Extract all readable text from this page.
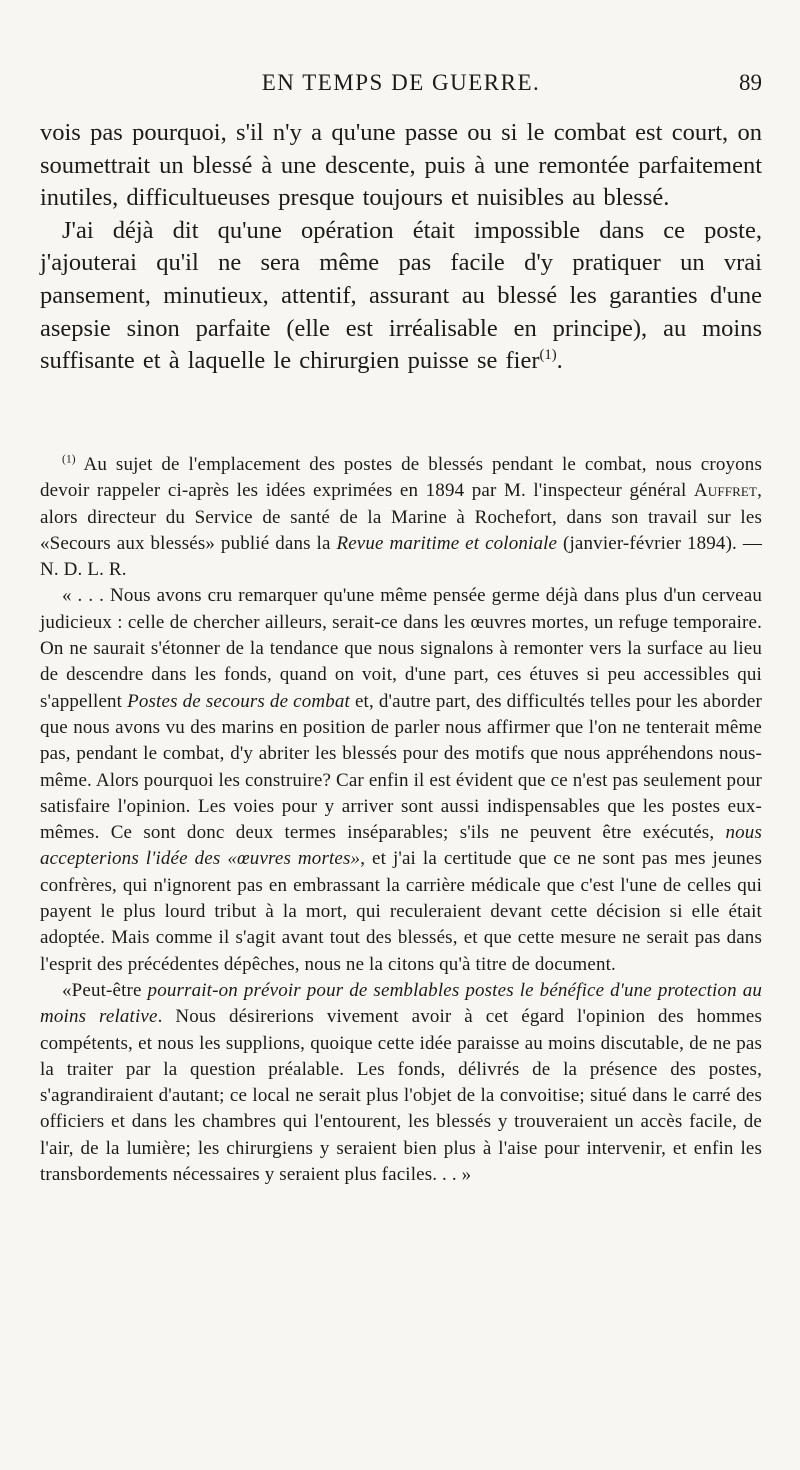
EN TEMPS DE GUERRE.	89

vois pas pourquoi, s'il n'y a qu'une passe ou si le combat est court, on soumettrait un blessé à une descente, puis à une remontée parfaitement inutiles, difficultueuses presque toujours et nuisibles au blessé.

J'ai déjà dit qu'une opération était impossible dans ce poste, j'ajouterai qu'il ne sera même pas facile d'y pratiquer un vrai pansement, minutieux, attentif, assurant au blessé les garanties d'une asepsie sinon parfaite (elle est irréalisable en principe), au moins suffisante et à laquelle le chirurgien puisse se fier$^{(1)}$.

$^{(1)}$ Au sujet de l'emplacement des postes de blessés pendant le combat, nous croyons devoir rappeler ci-après les idées exprimées en 1894 par M. l'inspecteur général Auffret, alors directeur du Service de santé de la Marine à Rochefort, dans son travail sur les «Secours aux blessés» publié dans la Revue maritime et coloniale (janvier-février 1894). — N. D. L. R.

« . . . Nous avons cru remarquer qu'une même pensée germe déjà dans plus d'un cerveau judicieux : celle de chercher ailleurs, serait-ce dans les œuvres mortes, un refuge temporaire. On ne saurait s'étonner de la tendance que nous signalons à remonter vers la surface au lieu de descendre dans les fonds, quand on voit, d'une part, ces étuves si peu accessibles qui s'appellent Postes de secours de combat et, d'autre part, des difficultés telles pour les aborder que nous avons vu des marins en position de parler nous affirmer que l'on ne tenterait même pas, pendant le combat, d'y abriter les blessés pour des motifs que nous appréhendons nous-même. Alors pourquoi les construire? Car enfin il est évident que ce n'est pas seulement pour satisfaire l'opinion. Les voies pour y arriver sont aussi indispensables que les postes eux-mêmes. Ce sont donc deux termes inséparables; s'ils ne peuvent être exécutés, nous accepterions l'idée des «œuvres mortes», et j'ai la certitude que ce ne sont pas mes jeunes confrères, qui n'ignorent pas en embrassant la carrière médicale que c'est l'une de celles qui payent le plus lourd tribut à la mort, qui reculeraient devant cette décision si elle était adoptée. Mais comme il s'agit avant tout des blessés, et que cette mesure ne serait pas dans l'esprit des précédentes dépêches, nous ne la citons qu'à titre de document.

«Peut-être pourrait-on prévoir pour de semblables postes le bénéfice d'une protection au moins relative. Nous désirerions vivement avoir à cet égard l'opinion des hommes compétents, et nous les supplions, quoique cette idée paraisse au moins discutable, de ne pas la traiter par la question préalable. Les fonds, délivrés de la présence des postes, s'agrandiraient d'autant; ce local ne serait plus l'objet de la convoitise; situé dans le carré des officiers et dans les chambres qui l'entourent, les blessés y trouveraient un accès facile, de l'air, de la lumière; les chirurgiens y seraient bien plus à l'aise pour intervenir, et enfin les transbordements nécessaires y seraient plus faciles. . . »
